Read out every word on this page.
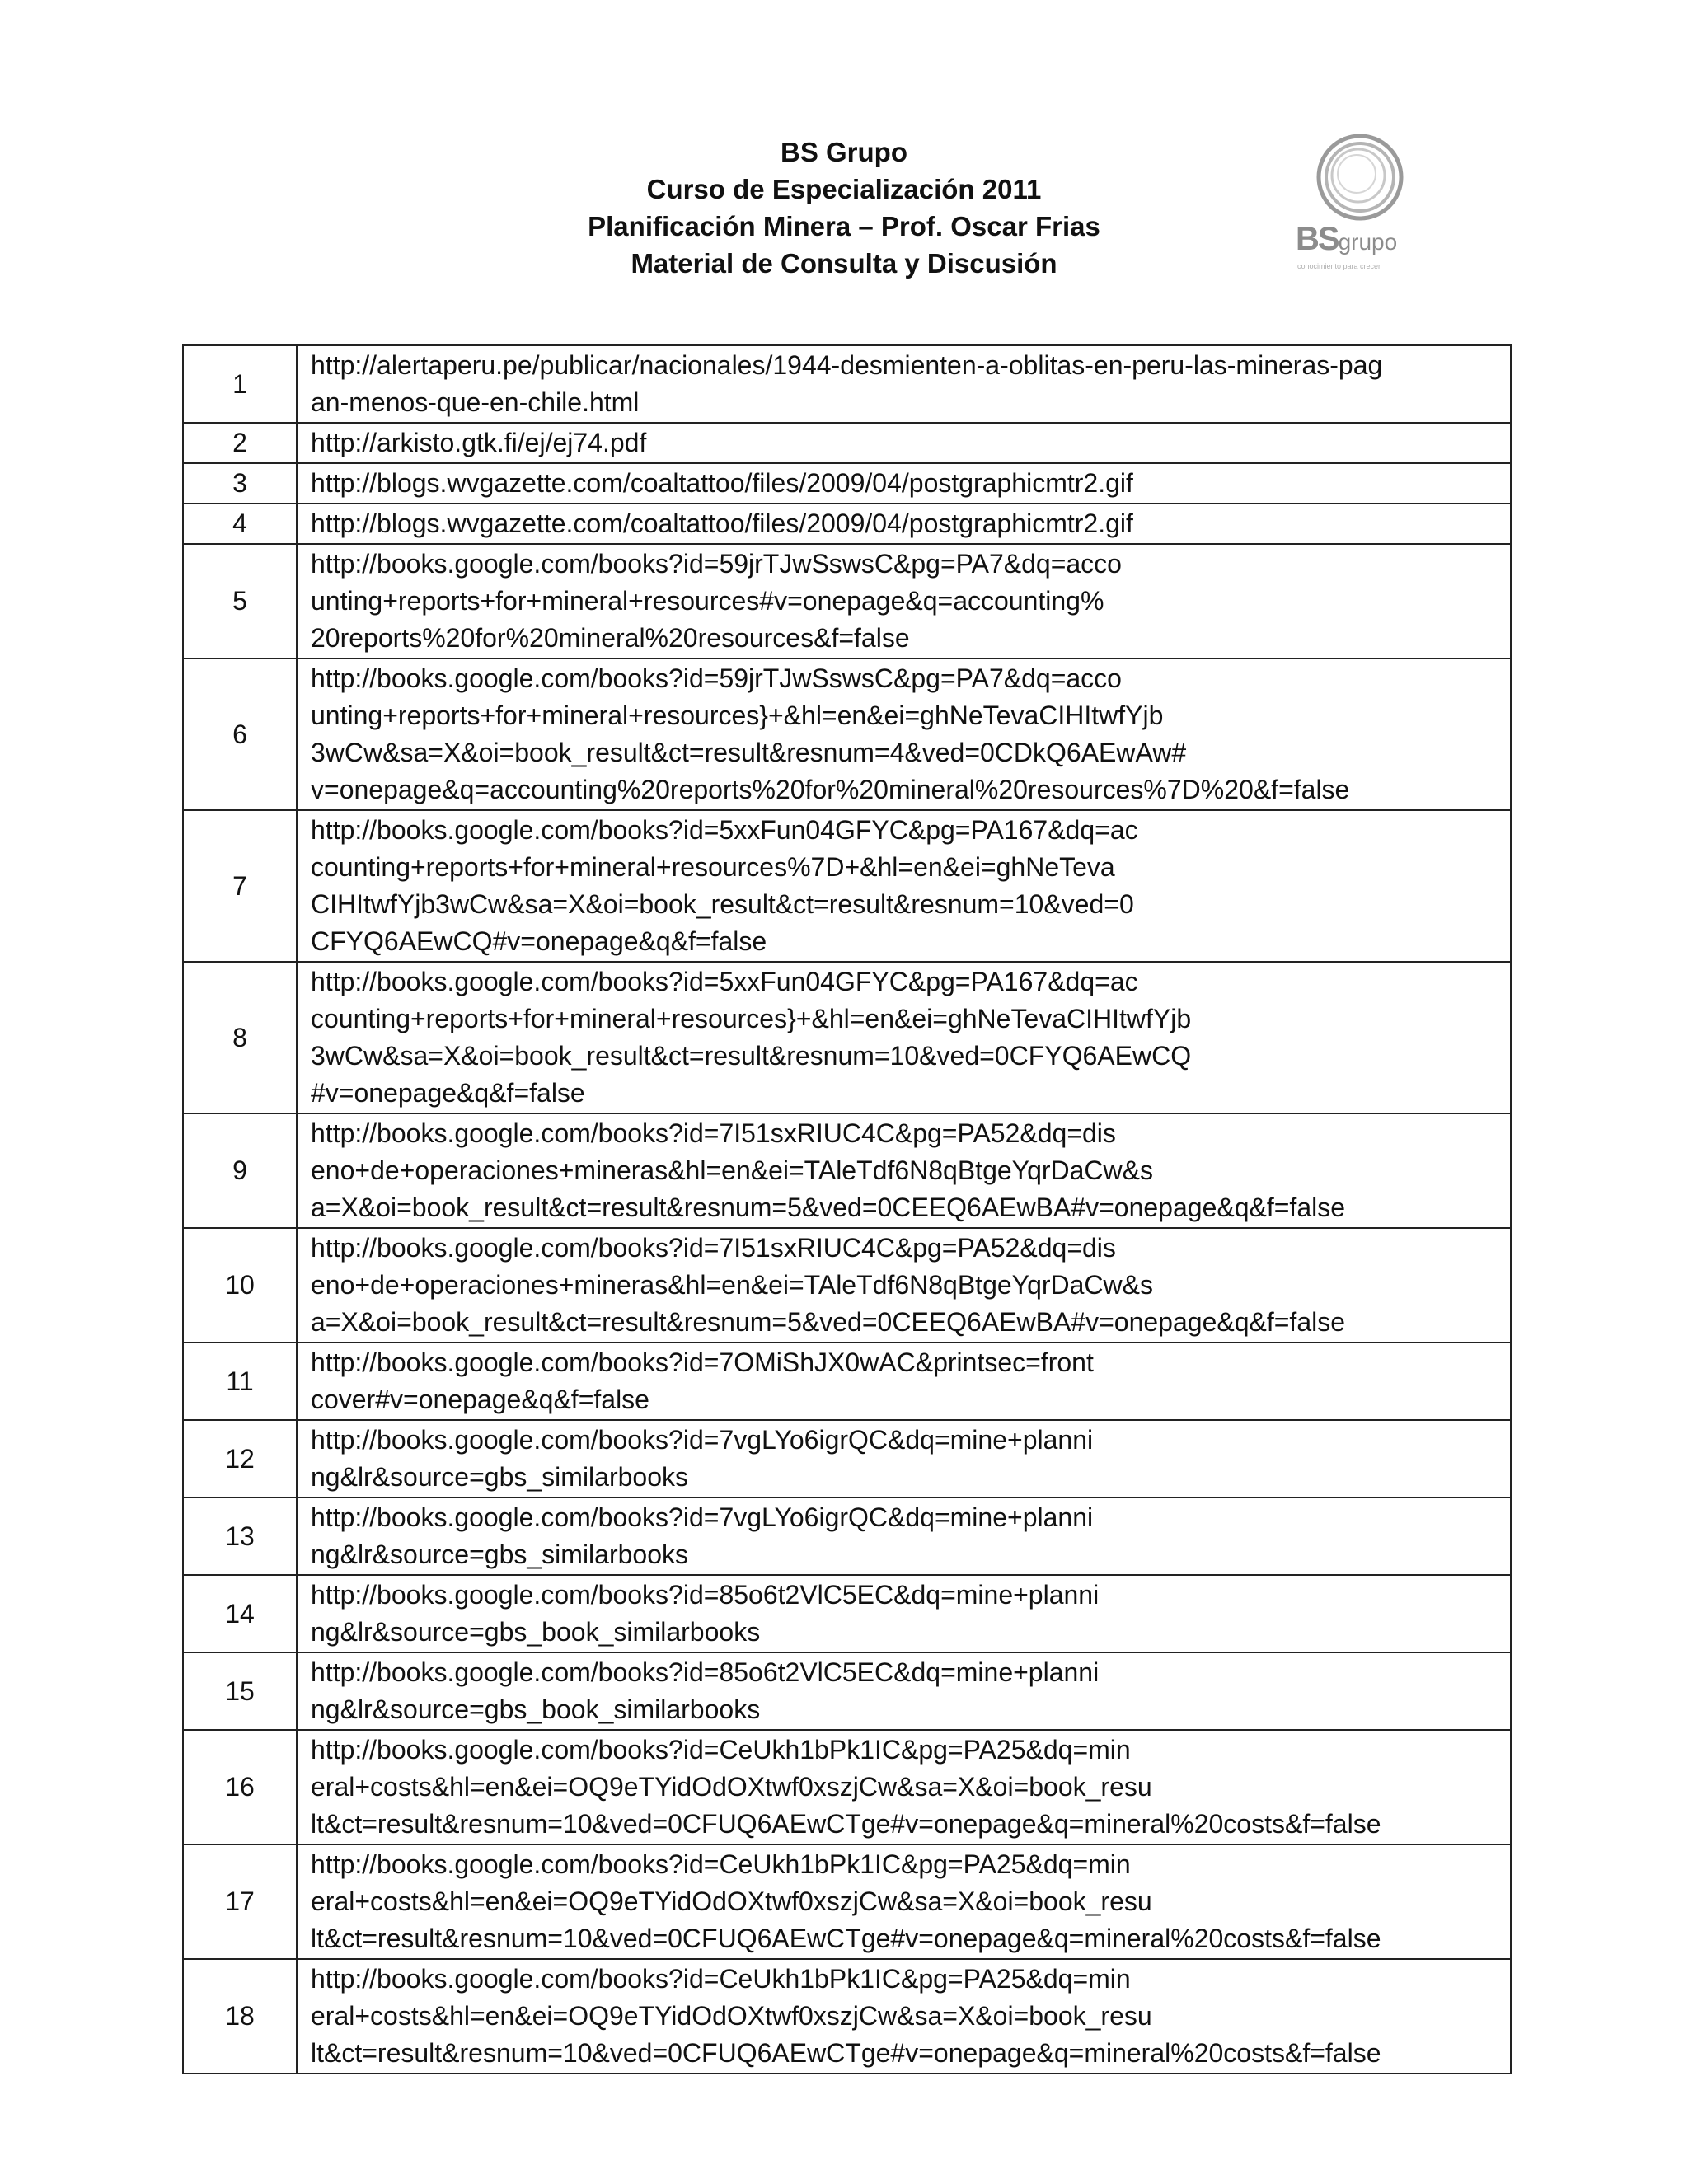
BS Grupo

Curso de Especialización 2011

Planificación Minera – Prof. Oscar Frias

Material de Consulta y Discusión

BSgrupo
conocimiento para crecer
1	http://alertaperu.pe/publicar/nacionales/1944-desmienten-a-oblitas-en-peru-las-mineras-pag
an-menos-que-en-chile.html

2	http://arkisto.gtk.fi/ej/ej74.pdf

3	http://blogs.wvgazette.com/coaltattoo/files/2009/04/postgraphicmtr2.gif

4	http://blogs.wvgazette.com/coaltattoo/files/2009/04/postgraphicmtr2.gif

5	http://books.google.com/books?id=59jrTJwSswsC&pg=PA7&dq=acco
unting+reports+for+mineral+resources#v=onepage&q=accounting%
20reports%20for%20mineral%20resources&f=false

6	http://books.google.com/books?id=59jrTJwSswsC&pg=PA7&dq=acco
unting+reports+for+mineral+resources}+&hl=en&ei=ghNeTevaCIHItwfYjb
3wCw&sa=X&oi=book_result&ct=result&resnum=4&ved=0CDkQ6AEwAw#
v=onepage&q=accounting%20reports%20for%20mineral%20resources%7D%20&f=false

7	http://books.google.com/books?id=5xxFun04GFYC&pg=PA167&dq=ac
counting+reports+for+mineral+resources%7D+&hl=en&ei=ghNeTeva
CIHItwfYjb3wCw&sa=X&oi=book_result&ct=result&resnum=10&ved=0
CFYQ6AEwCQ#v=onepage&q&f=false

8	http://books.google.com/books?id=5xxFun04GFYC&pg=PA167&dq=ac
counting+reports+for+mineral+resources}+&hl=en&ei=ghNeTevaCIHItwfYjb
3wCw&sa=X&oi=book_result&ct=result&resnum=10&ved=0CFYQ6AEwCQ
#v=onepage&q&f=false

9	http://books.google.com/books?id=7I51sxRIUC4C&pg=PA52&dq=dis
eno+de+operaciones+mineras&hl=en&ei=TAleTdf6N8qBtgeYqrDaCw&s
a=X&oi=book_result&ct=result&resnum=5&ved=0CEEQ6AEwBA#v=onepage&q&f=false

10	http://books.google.com/books?id=7I51sxRIUC4C&pg=PA52&dq=dis
eno+de+operaciones+mineras&hl=en&ei=TAleTdf6N8qBtgeYqrDaCw&s
a=X&oi=book_result&ct=result&resnum=5&ved=0CEEQ6AEwBA#v=onepage&q&f=false

11	http://books.google.com/books?id=7OMiShJX0wAC&printsec=front
cover#v=onepage&q&f=false

12	http://books.google.com/books?id=7vgLYo6igrQC&dq=mine+planni
ng&lr&source=gbs_similarbooks

13	http://books.google.com/books?id=7vgLYo6igrQC&dq=mine+planni
ng&lr&source=gbs_similarbooks

14	http://books.google.com/books?id=85o6t2VlC5EC&dq=mine+planni
ng&lr&source=gbs_book_similarbooks

15	http://books.google.com/books?id=85o6t2VlC5EC&dq=mine+planni
ng&lr&source=gbs_book_similarbooks

16	http://books.google.com/books?id=CeUkh1bPk1IC&pg=PA25&dq=min
eral+costs&hl=en&ei=OQ9eTYidOdOXtwf0xszjCw&sa=X&oi=book_resu
lt&ct=result&resnum=10&ved=0CFUQ6AEwCTge#v=onepage&q=mineral%20costs&f=false

17	http://books.google.com/books?id=CeUkh1bPk1IC&pg=PA25&dq=min
eral+costs&hl=en&ei=OQ9eTYidOdOXtwf0xszjCw&sa=X&oi=book_resu
lt&ct=result&resnum=10&ved=0CFUQ6AEwCTge#v=onepage&q=mineral%20costs&f=false

18	http://books.google.com/books?id=CeUkh1bPk1IC&pg=PA25&dq=min
eral+costs&hl=en&ei=OQ9eTYidOdOXtwf0xszjCw&sa=X&oi=book_resu
lt&ct=result&resnum=10&ved=0CFUQ6AEwCTge#v=onepage&q=mineral%20costs&f=false
